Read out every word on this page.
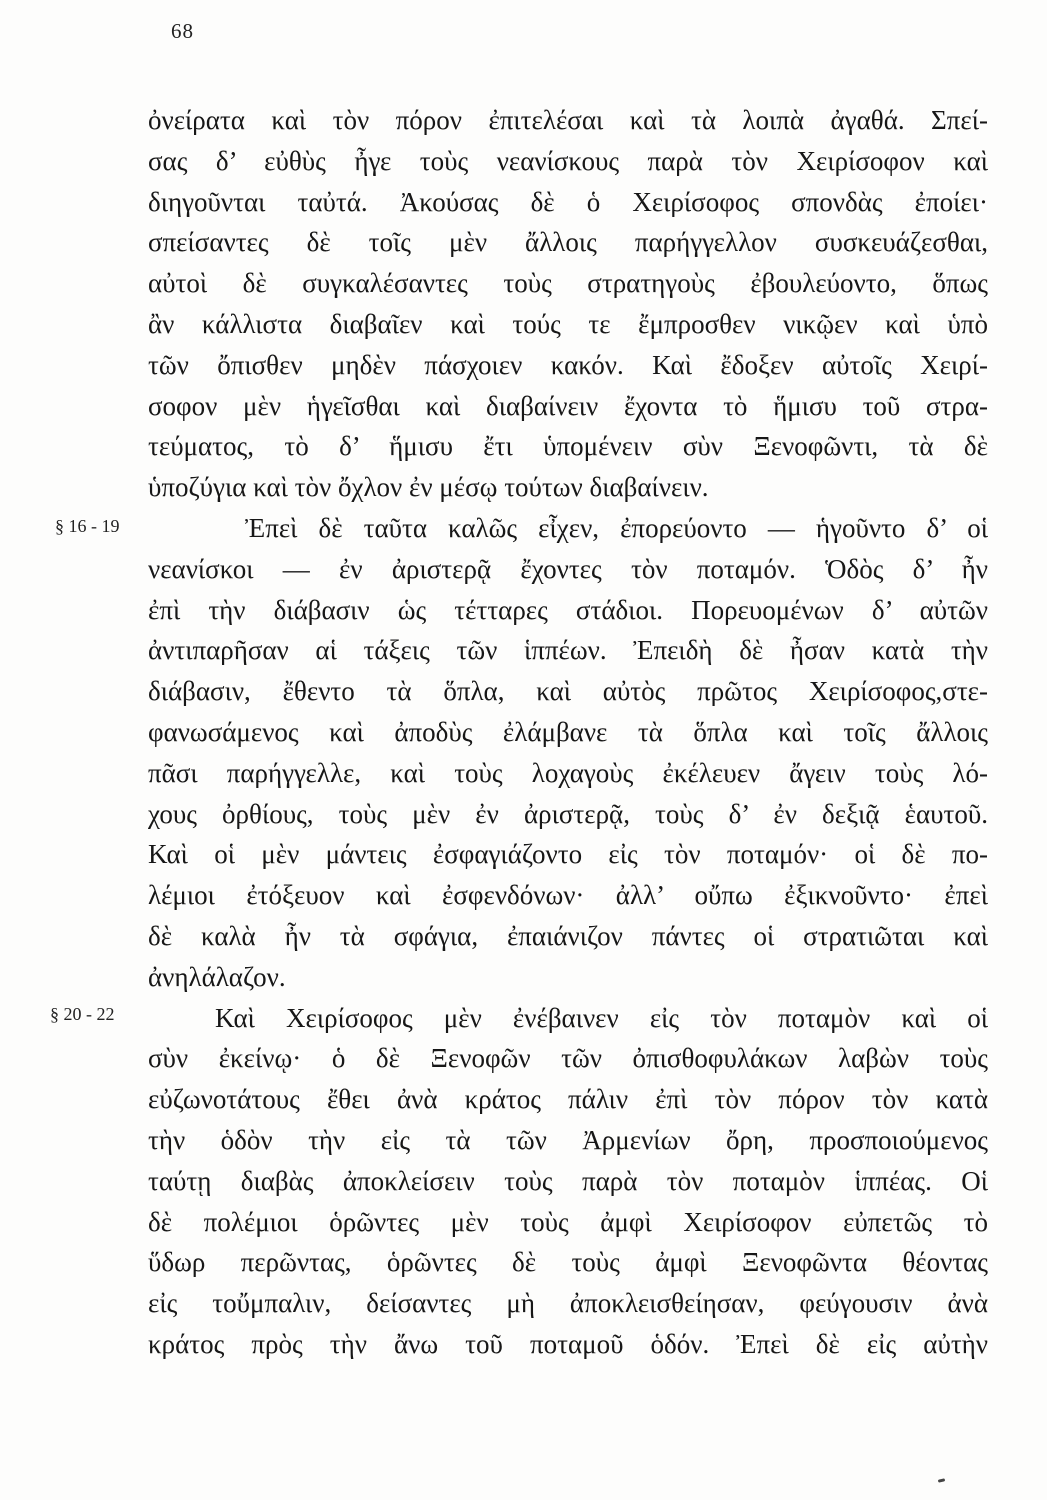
68
§ 16 - 19
§ 20 - 22
ὀνείρατα καὶ τὸν πόρον ἐπιτελέσαι καὶ τὰ λοιπὰ ἀγαθά. Σπεί-
σας δ’ εὐθὺς ἦγε τοὺς νεανίσκους παρὰ τὸν Χειρίσοφον καὶ
διηγοῦνται ταὐτά. Ἀκούσας δὲ ὁ Χειρίσοφος σπονδὰς ἐποίει·
σπείσαντες δὲ τοῖς μὲν ἄλλοις παρήγγελλον συσκευάζεσθαι,
αὐτοὶ δὲ συγκαλέσαντες τοὺς στρατηγοὺς ἐβουλεύοντο, ὅπως
ἂν κάλλιστα διαβαῖεν καὶ τούς τε ἔμπροσθεν νικῷεν καὶ ὑπὸ
τῶν ὄπισθεν μηδὲν πάσχοιεν κακόν. Καὶ ἔδοξεν αὐτοῖς Χειρί-
σοφον μὲν ἡγεῖσθαι καὶ διαβαίνειν ἔχοντα τὸ ἥμισυ τοῦ στρα-
τεύματος, τὸ δ’ ἥμισυ ἔτι ὑπομένειν σὺν Ξενοφῶντι, τὰ δὲ
ὑποζύγια καὶ τὸν ὄχλον ἐν μέσῳ τούτων διαβαίνειν.
Ἐπεὶ δὲ ταῦτα καλῶς εἶχεν, ἐπορεύοντο — ἡγοῦντο δ’ οἱ
νεανίσκοι — ἐν ἀριστερᾷ ἔχοντες τὸν ποταμόν. Ὁδὸς δ’ ἦν
ἐπὶ τὴν διάβασιν ὡς τέτταρες στάδιοι. Πορευομένων δ’ αὐτῶν
ἀντιπαρῆσαν αἱ τάξεις τῶν ἱππέων. Ἐπειδὴ δὲ ἦσαν κατὰ τὴν
διάβασιν, ἔθεντο τὰ ὅπλα, καὶ αὐτὸς πρῶτος Χειρίσοφος,στε-
φανωσάμενος καὶ ἀποδὺς ἐλάμβανε τὰ ὅπλα καὶ τοῖς ἄλλοις
πᾶσι παρήγγελλε, καὶ τοὺς λοχαγοὺς ἐκέλευεν ἄγειν τοὺς λό-
χους ὀρθίους, τοὺς μὲν ἐν ἀριστερᾷ, τοὺς δ’ ἐν δεξιᾷ ἑαυτοῦ.
Καὶ οἱ μὲν μάντεις ἐσφαγιάζοντο εἰς τὸν ποταμόν· οἱ δὲ πο-
λέμιοι ἐτόξευον καὶ ἐσφενδόνων· ἀλλ’ οὔπω ἐξικνοῦντο· ἐπεὶ
δὲ καλὰ ἦν τὰ σφάγια, ἐπαιάνιζον πάντες οἱ στρατιῶται καὶ
ἀνηλάλαζον.
Καὶ Χειρίσοφος μὲν ἐνέβαινεν εἰς τὸν ποταμὸν καὶ οἱ
σὺν ἐκείνῳ· ὁ δὲ Ξενοφῶν τῶν ὀπισθοφυλάκων λαβὼν τοὺς
εὐζωνοτάτους ἔθει ἀνὰ κράτος πάλιν ἐπὶ τὸν πόρον τὸν κατὰ
τὴν ὁδὸν τὴν εἰς τὰ τῶν Ἀρμενίων ὄρη, προσποιούμενος
ταύτῃ διαβὰς ἀποκλείσειν τοὺς παρὰ τὸν ποταμὸν ἱππέας. Οἱ
δὲ πολέμιοι ὁρῶντες μὲν τοὺς ἀμφὶ Χειρίσοφον εὐπετῶς τὸ
ὕδωρ περῶντας, ὁρῶντες δὲ τοὺς ἀμφὶ Ξενοφῶντα θέοντας
εἰς τοὔμπαλιν, δείσαντες μὴ ἀποκλεισθείησαν, φεύγουσιν ἀνὰ
κράτος πρὸς τὴν ἄνω τοῦ ποταμοῦ ὁδόν. Ἐπεὶ δὲ εἰς αὐτὴν
